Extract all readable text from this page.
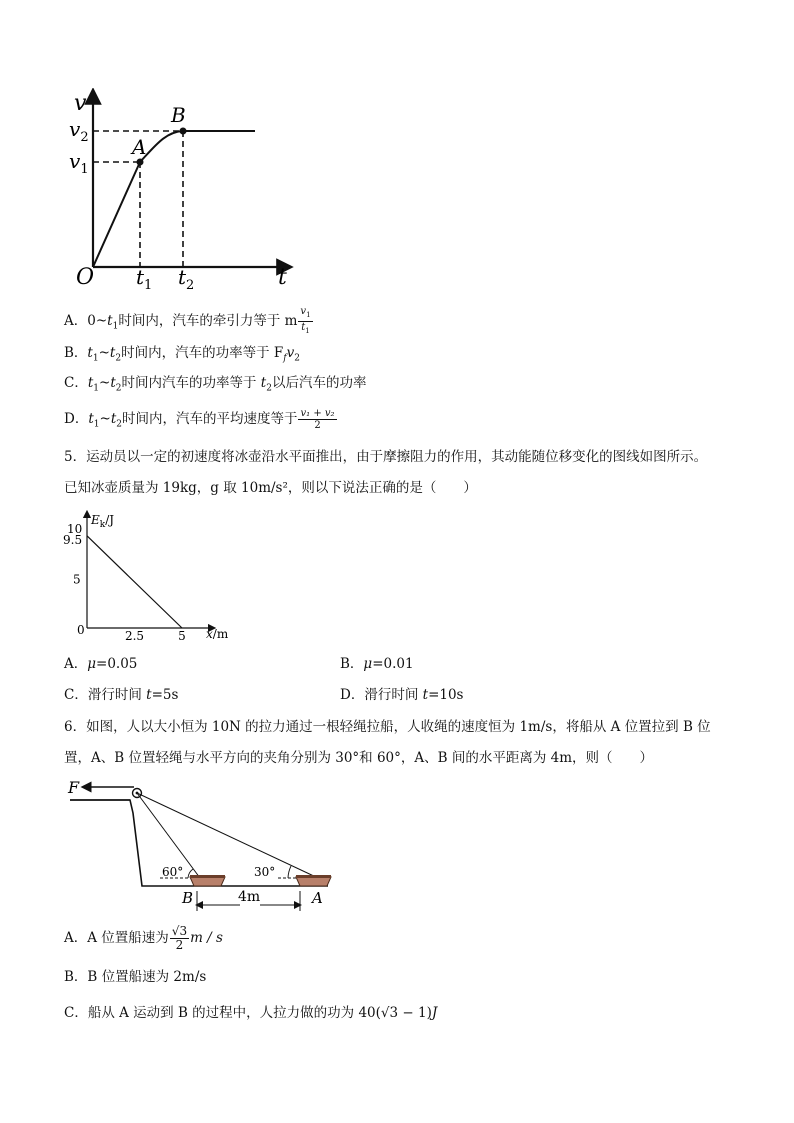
v
t
O
A
B
$v_1$
$v_2$
$t_1$ $t_2$
A．$0\sim t_1$时间内，汽车的牵引力等于 m $\frac{v_1}{t_1}$
B．$t_1\sim t_2$时间内，汽车的功率等于 $F_fv_2$
C．$t_1\sim t_2$时间内汽车的功率等于 $t_2$以后汽车的功率
D．$t_1\sim t_2$时间内，汽车的平均速度等于 $\frac{\text{v₁ + v₂}}{2}$
5．运动员以一定的初速度将冰壶沿水平面推出，由于摩擦阻力的作用，其动能随位移变化的图线如图所示。
已知冰壶质量为 19kg，g 取 10m/s²，则以下说法正确的是（　　）
10
9.5
5
0	2.5	5
$E_k/J$
x/m
A．μ=0.05	B．μ=0.01
C．滑行时间 t=5s	D．滑行时间 t=10s
6．如图，人以大小恒为 10N 的拉力通过一根轻绳拉船，人收绳的速度恒为 1m/s，将船从 A 位置拉到 B 位
置，A、B 位置轻绳与水平方向的夹角分别为 30°和 60°，A、B 间的水平距离为 4m，则（　　）
F
60°	30°
B	A
4m
A．A 位置船速为 $\frac{√3}{2}$ m / s
B．B 位置船速为 2m/s
C．船从 A 运动到 B 的过程中，人拉力做的功为 40(√3 − 1)J
